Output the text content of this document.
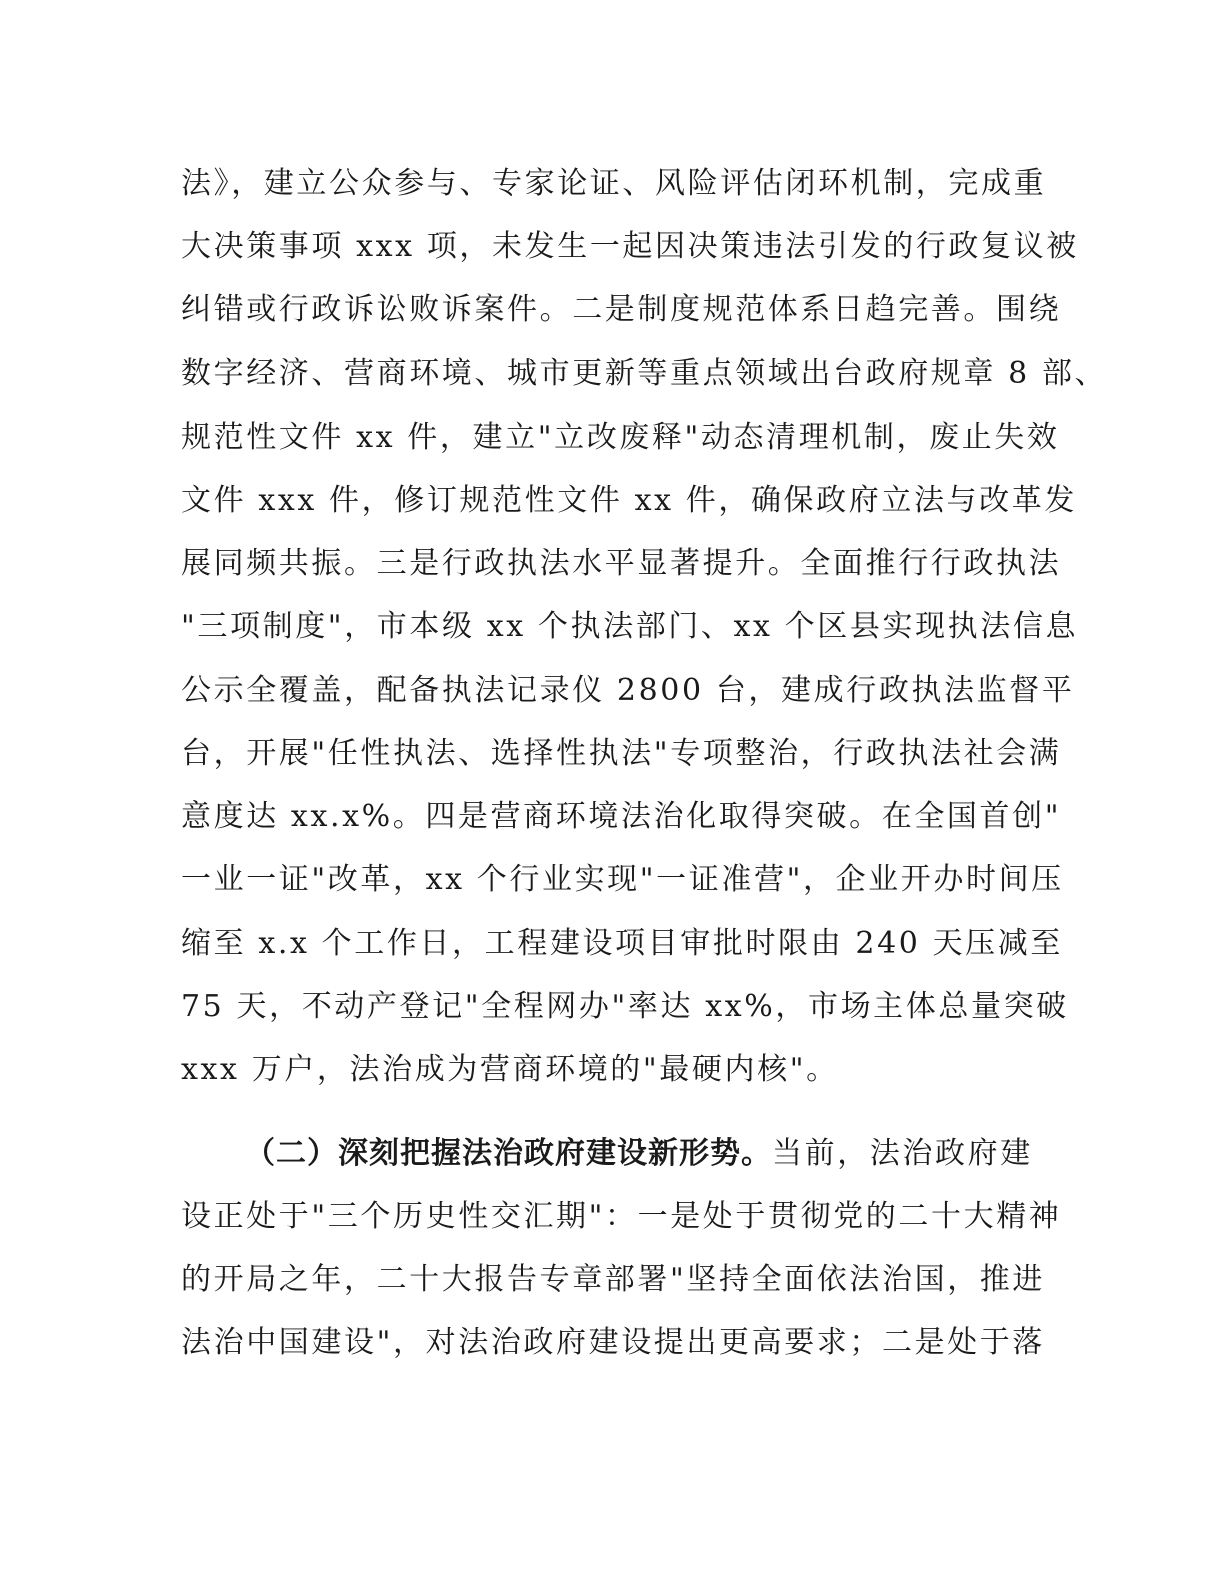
法》，建立公众参与、专家论证、风险评估闭环机制，完成重
大决策事项 xxx 项，未发生一起因决策违法引发的行政复议被
纠错或行政诉讼败诉案件。二是制度规范体系日趋完善。围绕
数字经济、营商环境、城市更新等重点领域出台政府规章 8 部、
规范性文件 xx 件，建立"立改废释"动态清理机制，废止失效
文件 xxx 件，修订规范性文件 xx 件，确保政府立法与改革发
展同频共振。三是行政执法水平显著提升。全面推行行政执法
"三项制度"，市本级 xx 个执法部门、xx 个区县实现执法信息
公示全覆盖，配备执法记录仪 2800 台，建成行政执法监督平
台，开展"任性执法、选择性执法"专项整治，行政执法社会满
意度达 xx.x%。四是营商环境法治化取得突破。在全国首创"
一业一证"改革，xx 个行业实现"一证准营"，企业开办时间压
缩至 x.x 个工作日，工程建设项目审批时限由 240 天压减至
75 天，不动产登记"全程网办"率达 xx%，市场主体总量突破
xxx 万户，法治成为营商环境的"最硬内核"。
（二）深刻把握法治政府建设新形势。当前，法治政府建
设正处于"三个历史性交汇期"：一是处于贯彻党的二十大精神
的开局之年，二十大报告专章部署"坚持全面依法治国，推进
法治中国建设"，对法治政府建设提出更高要求；二是处于落
